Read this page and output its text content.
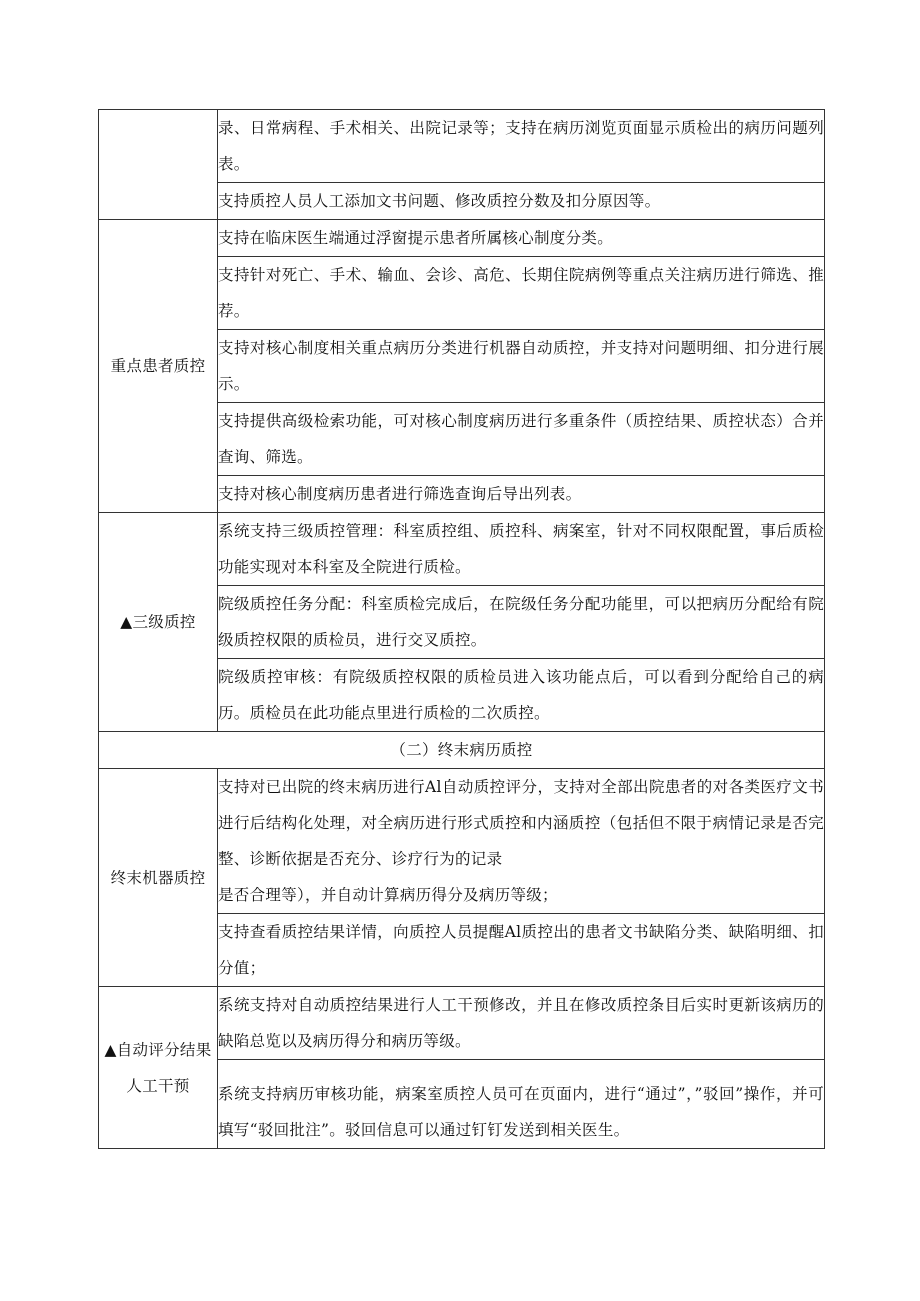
	录、日常病程、手术相关、出院记录等；支持在病历浏览页面显示质检出的病历问题列表。

	支持质控人员人工添加文书问题、修改质控分数及扣分原因等。

重点患者质控	支持在临床医生端通过浮窗提示患者所属核心制度分类。

	支持针对死亡、手术、输血、会诊、高危、长期住院病例等重点关注病历进行筛选、推荐。

	支持对核心制度相关重点病历分类进行机器自动质控，并支持对问题明细、扣分进行展示。

	支持提供高级检索功能，可对核心制度病历进行多重条件（质控结果、质控状态）合并查询、筛选。

	支持对核心制度病历患者进行筛选查询后导出列表。

▲三级质控	系统支持三级质控管理：科室质控组、质控科、病案室，针对不同权限配置，事后质检功能实现对本科室及全院进行质检。

	院级质控任务分配：科室质检完成后，在院级任务分配功能里，可以把病历分配给有院级质控权限的质检员，进行交叉质控。

	院级质控审核：有院级质控权限的质检员进入该功能点后，可以看到分配给自己的病历。质检员在此功能点里进行质检的二次质控。

（二）终末病历质控	

终末机器质控	支持对已出院的终末病历进行Al自动质控评分，支持对全部出院患者的对各类医疗文书进行后结构化处理，对全病历进行形式质控和内涵质控（包括但不限于病情记录是否完整、诊断依据是否充分、诊疗行为的记录
是否合理等），并自动计算病历得分及病历等级；

	支持查看质控结果详情，向质控人员提醒Al质控出的患者文书缺陷分类、缺陷明细、扣分值；

▲自动评分结果人工干预	系统支持对自动质控结果进行人工干预修改，并且在修改质控条目后实时更新该病历的缺陷总览以及病历得分和病历等级。

	系统支持病历审核功能，病案室质控人员可在页面内，进行“通过”，”驳回”操作，并可填写“驳回批注”。驳回信息可以通过钉钉发送到相关医生。
